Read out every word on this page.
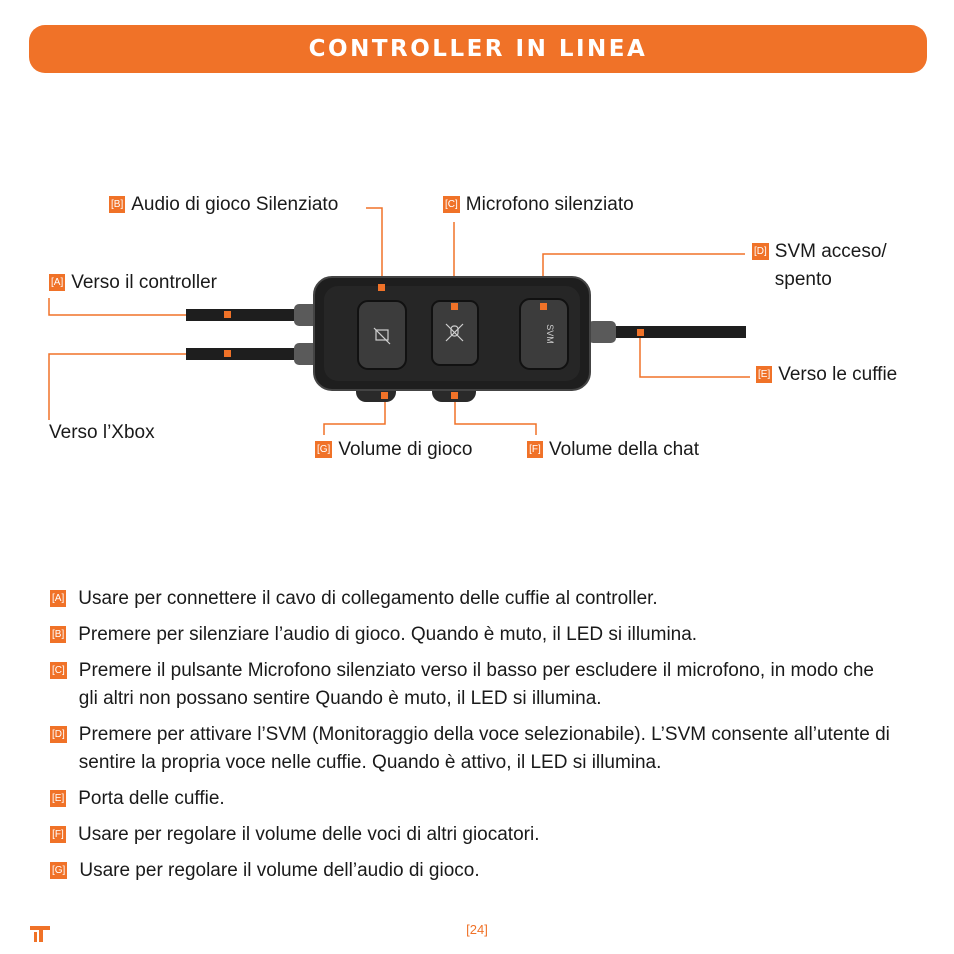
CONTROLLER IN LINEA
SVM
[B] Audio di gioco Silenziato	[C] Microfono silenziato
[D] SVM acceso/
spento
[A] Verso il controller
Verso l’Xbox
[E] Verso le cuffie
[G] Volume di gioco	[F] Volume della chat
[A] Usare per connettere il cavo di collegamento delle cuffie al controller.
[B] Premere per silenziare l’audio di gioco. Quando è muto, il LED si illumina.
[C] Premere il pulsante Microfono silenziato verso il basso per escludere il microfono, in modo che gli altri non possano sentire Quando è muto, il LED si illumina.
[D] Premere per attivare l’SVM (Monitoraggio della voce selezionabile). L’SVM consente all’utente di sentire la propria voce nelle cuffie. Quando è attivo, il LED si illumina.
[E] Porta delle cuffie.
[F] Usare per regolare il volume delle voci di altri giocatori.
[G] Usare per regolare il volume dell’audio di gioco.
[24]
